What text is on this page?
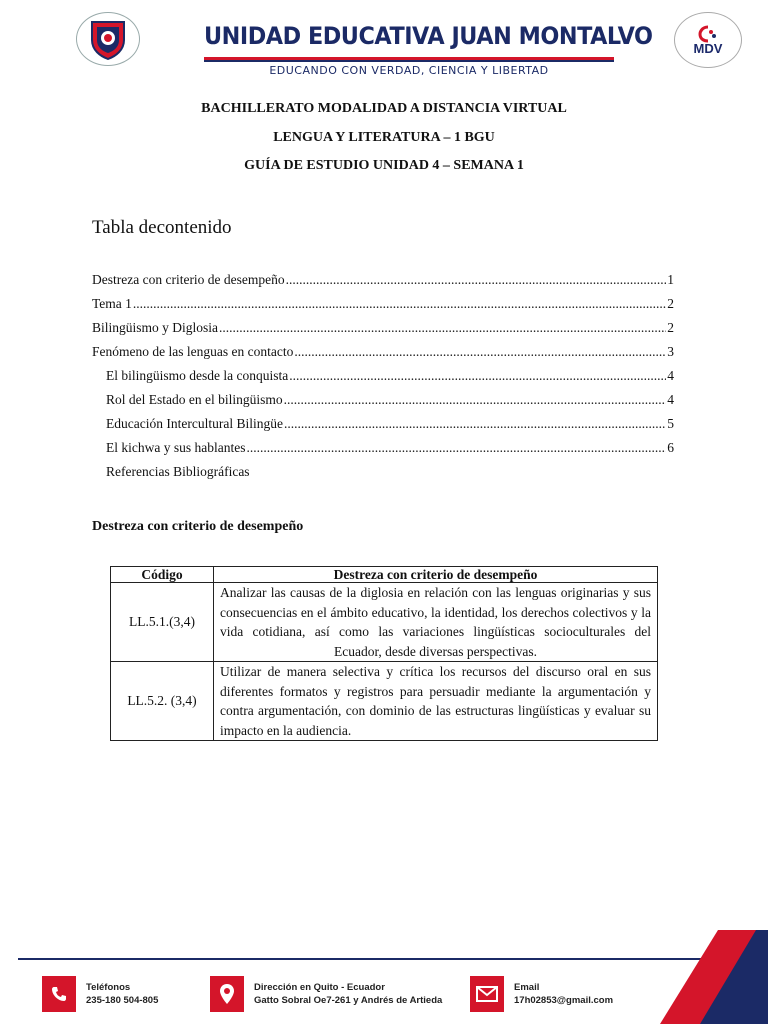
UNIDAD EDUCATIVA JUAN MONTALVO
EDUCANDO CON VERDAD, CIENCIA Y LIBERTAD
MDV
BACHILLERATO MODALIDAD A DISTANCIA VIRTUAL
LENGUA Y LITERATURA – 1 BGU
GUÍA DE ESTUDIO UNIDAD 4 – SEMANA 1
Tabla decontenido
Destreza con criterio de desempeño .....	1
Tema 1 .....	2
Bilingüismo y Diglosia .....	2
Fenómeno de las lenguas en contacto .....	3
El bilingüismo desde la conquista .....	4
Rol del Estado en el bilingüismo .....	4
Educación Intercultural Bilingüe .....	5
El kichwa y sus hablantes .....	6
Referencias Bibliográficas
Destreza con criterio de desempeño
Código	Destreza con criterio de desempeño
LL.5.1.(3,4)	Analizar las causas de la diglosia en relación con las lenguas originarias y sus consecuencias en el ámbito educativo, la identidad, los derechos colectivos y la vida cotidiana, así como las variaciones lingüísticas socioculturales del Ecuador, desde diversas perspectivas.
LL.5.2. (3,4)	Utilizar de manera selectiva y crítica los recursos del discurso oral en sus diferentes formatos y registros para persuadir mediante la argumentación y contra argumentación, con dominio de las estructuras lingüísticas y evaluar su impacto en la audiencia.
Teléfonos
235-180 504-805
Dirección en Quito - Ecuador
Gatto Sobral Oe7-261 y Andrés de Artieda
Email
17h02853@gmail.com
